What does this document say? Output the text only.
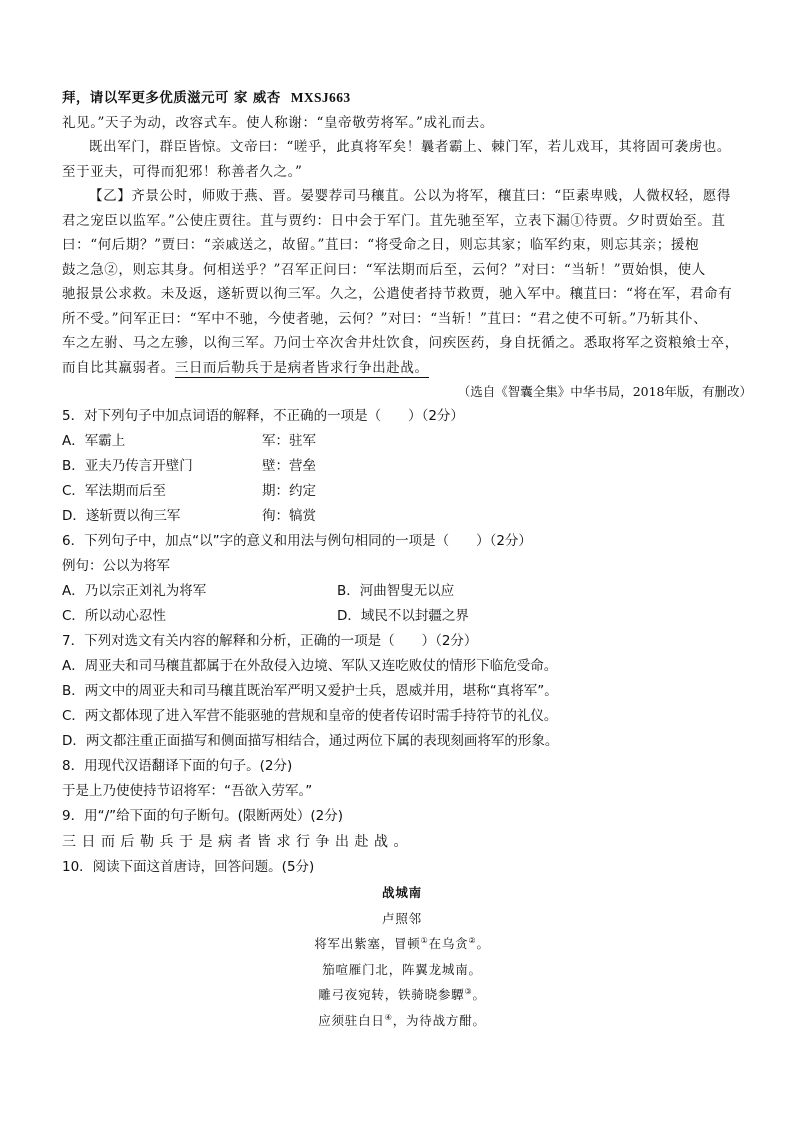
拜，请以军更多优质滋元可 家 威杏 MXSJ663
礼见。”天子为动，改容式车。使人称谢：“皇帝敬劳将军。”成礼而去。
既出军门，群臣皆惊。文帝曰：“嗟乎，此真将军矣！曩者霸上、棘门军，若儿戏耳，其将固可袭虏也。
至于亚夫，可得而犯邪！称善者久之。”
【乙】齐景公时，师败于燕、晋。晏婴荐司马穰苴。公以为将军，穰苴曰：“臣素卑贱，人微权轻，愿得
君之宠臣以监军。”公使庄贾往。苴与贾约：日中会于军门。苴先驰至军，立表下漏①待贾。夕时贾始至。苴
曰：“何后期？”贾曰：“亲戚送之，故留。”苴曰：“将受命之日，则忘其家；临军约束，则忘其亲；援枹
鼓之急②，则忘其身。何相送乎？”召军正问曰：“军法期而后至，云何？”对曰：“当斩！”贾始惧，使人
驰报景公求救。未及返，遂斩贾以徇三军。久之，公遣使者持节救贾，驰入军中。穰苴曰：“将在军，君命有
所不受。”问军正曰：“军中不驰，今使者驰，云何？”对曰：“当斩！”苴曰：“君之使不可斩。”乃斩其仆、
车之左驸、马之左骖，以徇三军。乃问士卒次舍井灶饮食，问疾医药，身自抚循之。悉取将军之资粮飨士卒，
而自比其羸弱者。三日而后勒兵于是病者皆求行争出赴战。
（选自《智囊全集》中华书局，2018年版，有删改）
5．对下列句子中加点词语的解释，不正确的一项是（　　）（2分）
A．军霸上	军：驻军
B．亚夫乃传言开壁门	壁：营垒
C．军法期而后至	期：约定
D．遂斩贾以徇三军	徇：犒赏
6．下列句子中，加点“以”字的意义和用法与例句相同的一项是（　　）（2分）
例句：公以为将军
A．乃以宗正刘礼为将军	B．河曲智叟无以应
C．所以动心忍性	D．域民不以封疆之界
7．下列对选文有关内容的解释和分析，正确的一项是（　　）（2分）
A．周亚夫和司马穰苴都属于在外敌侵入边境、军队又连吃败仗的情形下临危受命。
B．两文中的周亚夫和司马穰苴既治军严明又爱护士兵，恩威并用，堪称“真将军”。
C．两文都体现了进入军营不能驱驰的营规和皇帝的使者传诏时需手持符节的礼仪。
D．两文都注重正面描写和侧面描写相结合，通过两位下属的表现刻画将军的形象。
8．用现代汉语翻译下面的句子。(2分)
于是上乃使使持节诏将军：“吾欲入劳军。”
9．用“/”给下面的句子断句。(限断两处）(2分)
三日而后勒兵于是病者皆求行争出赴战。
10．阅读下面这首唐诗，回答问题。(5分)
战城南
卢照邻
将军出紫塞，冒顿①在乌贪②。
笳喧雁门北，阵翼龙城南。
雕弓夜宛转，铁骑晓参驔③。
应须驻白日④，为待战方酣。
